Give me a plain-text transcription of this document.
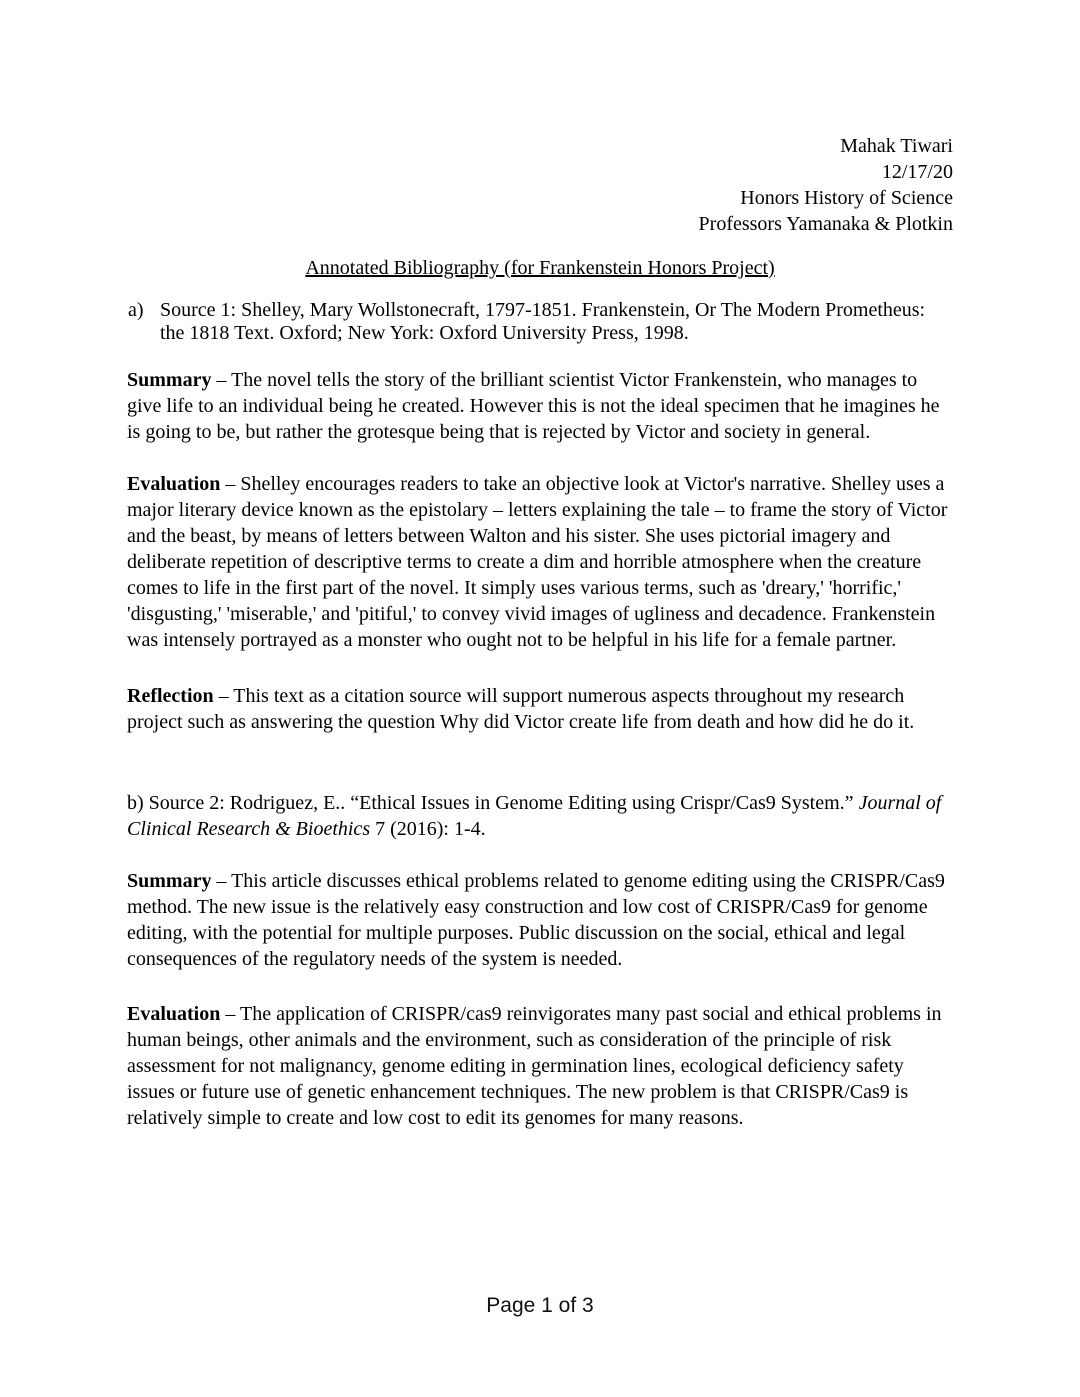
Mahak Tiwari
12/17/20
Honors History of Science
Professors Yamanaka & Plotkin
Annotated Bibliography (for Frankenstein Honors Project)
a) Source 1: Shelley, Mary Wollstonecraft, 1797-1851. Frankenstein, Or The Modern Prometheus: the 1818 Text. Oxford; New York: Oxford University Press, 1998.

Summary – The novel tells the story of the brilliant scientist Victor Frankenstein, who manages to give life to an individual being he created. However this is not the ideal specimen that he imagines he is going to be, but rather the grotesque being that is rejected by Victor and society in general.

Evaluation – Shelley encourages readers to take an objective look at Victor's narrative. Shelley uses a major literary device known as the epistolary – letters explaining the tale – to frame the story of Victor and the beast, by means of letters between Walton and his sister. She uses pictorial imagery and deliberate repetition of descriptive terms to create a dim and horrible atmosphere when the creature comes to life in the first part of the novel. It simply uses various terms, such as 'dreary,' 'horrific,' 'disgusting,' 'miserable,' and 'pitiful,' to convey vivid images of ugliness and decadence. Frankenstein was intensely portrayed as a monster who ought not to be helpful in his life for a female partner.

Reflection – This text as a citation source will support numerous aspects throughout my research project such as answering the question Why did Victor create life from death and how did he do it.

b) Source 2: Rodriguez, E.. “Ethical Issues in Genome Editing using Crispr/Cas9 System.” Journal of Clinical Research & Bioethics 7 (2016): 1-4.

Summary – This article discusses ethical problems related to genome editing using the CRISPR/Cas9 method. The new issue is the relatively easy construction and low cost of CRISPR/Cas9 for genome editing, with the potential for multiple purposes. Public discussion on the social, ethical and legal consequences of the regulatory needs of the system is needed.

Evaluation – The application of CRISPR/cas9 reinvigorates many past social and ethical problems in human beings, other animals and the environment, such as consideration of the principle of risk assessment for not malignancy, genome editing in germination lines, ecological deficiency safety issues or future use of genetic enhancement techniques. The new problem is that CRISPR/Cas9 is relatively simple to create and low cost to edit its genomes for many reasons.

Page 1 of 3
